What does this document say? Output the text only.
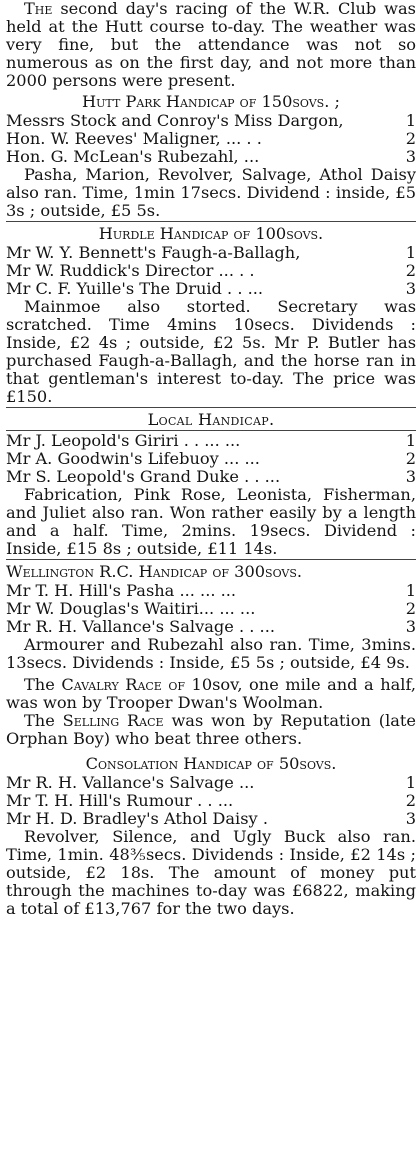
The second day's racing of the W.R. Club was held at the Hutt course to-day. The weather was very fine, but the attendance was not so numerous as on the first day, and not more than 2000 persons were present.

Hutt Park Handicap of 150sovs. ;
Messrs Stock and Conroy's Miss Dargon,	1
Hon. W. Reeves' Maligner, ... . .	2
Hon. G. McLean's Rubezahl, ...	3

Pasha, Marion, Revolver, Salvage, Athol Daisy also ran. Time, 1min 17secs. Dividend : inside, £5 3s ; outside, £5 5s.

Hurdle Handicap of 100sovs.
Mr W. Y. Bennett's Faugh-a-Ballagh,	1
Mr W. Ruddick's Director ... . .	2
Mr C. F. Yuille's The Druid . . ...	3

Mainmoe also storted. Secretary was scratched. Time 4mins 10secs. Dividends : Inside, £2 4s ; outside, £2 5s. Mr P. Butler has purchased Faugh-a-Ballagh, and the horse ran in that gentleman's interest to-day. The price was £150.

Local Handicap.
Mr J. Leopold's Giriri . . ... ...	1
Mr A. Goodwin's Lifebuoy ... ...	2
Mr S. Leopold's Grand Duke . . ...	3

Fabrication, Pink Rose, Leonista, Fisherman, and Juliet also ran. Won rather easily by a length and a half. Time, 2mins. 19secs. Dividend : Inside, £15 8s ; outside, £11 14s.

Wellington R.C. Handicap of 300sovs.
Mr T. H. Hill's Pasha ... ... ...	1
Mr W. Douglas's Waitiri... ... ...	2
Mr R. H. Vallance's Salvage . . ...	3

Armourer and Rubezahl also ran. Time, 3mins. 13secs. Dividends : Inside, £5 5s ; outside, £4 9s.

The Cavalry Race of 10sov, one mile and a half, was won by Trooper Dwan's Woolman.

The Selling Race was won by Reputation (late Orphan Boy) who beat three others.

Consolation Handicap of 50sovs.
Mr R. H. Vallance's Salvage ...	1
Mr T. H. Hill's Rumour . . ...	2
Mr H. D. Bradley's Athol Daisy .	3

Revolver, Silence, and Ugly Buck also ran. Time, 1min. 48⅗secs. Dividends : Inside, £2 14s ; outside, £2 18s. The amount of money put through the machines to-day was £6822, making a total of £13,767 for the two days.
